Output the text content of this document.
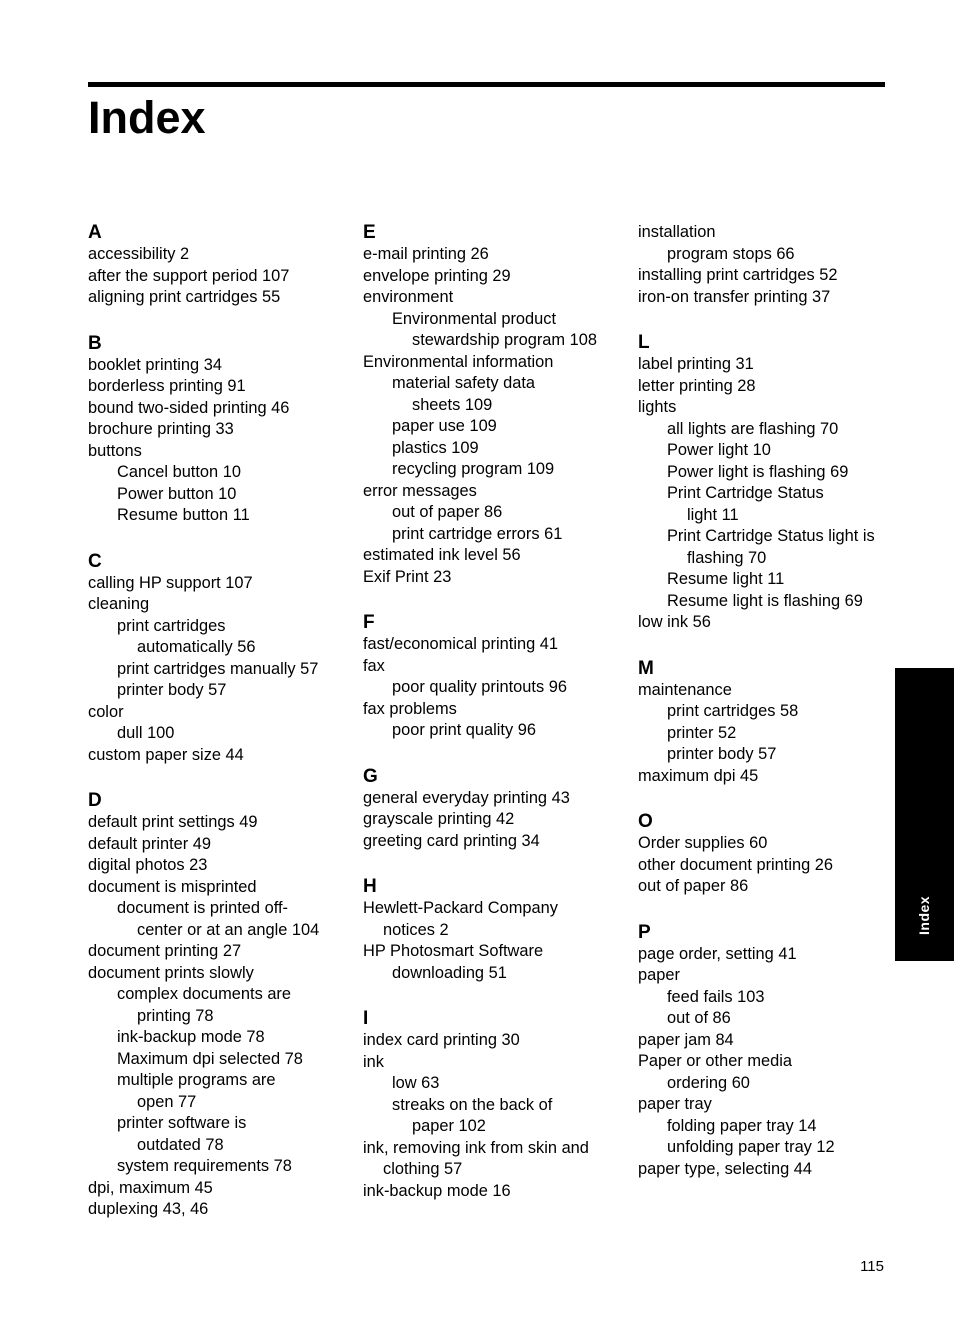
Index
A
accessibility 2
after the support period 107
aligning print cartridges 55
B
booklet printing 34
borderless printing 91
bound two-sided printing 46
brochure printing 33
buttons
Cancel button 10
Power button 10
Resume button 11
C
calling HP support 107
cleaning
print cartridges
automatically 56
print cartridges manually 57
printer body 57
color
dull 100
custom paper size 44
D
default print settings 49
default printer 49
digital photos 23
document is misprinted
document is printed off-
center or at an angle 104
document printing 27
document prints slowly
complex documents are
printing 78
ink-backup mode 78
Maximum dpi selected 78
multiple programs are
open 77
printer software is
outdated 78
system requirements 78
dpi, maximum 45
duplexing 43, 46
E
e-mail printing 26
envelope printing 29
environment
Environmental product
stewardship program 108
Environmental information
material safety data
sheets 109
paper use 109
plastics 109
recycling program 109
error messages
out of paper 86
print cartridge errors 61
estimated ink level 56
Exif Print 23
F
fast/economical printing 41
fax
poor quality printouts 96
fax problems
poor print quality 96
G
general everyday printing 43
grayscale printing 42
greeting card printing 34
H
Hewlett-Packard Company
notices 2
HP Photosmart Software
downloading 51
I
index card printing 30
ink
low 63
streaks on the back of
paper 102
ink, removing ink from skin and
clothing 57
ink-backup mode 16
installation
program stops 66
installing print cartridges 52
iron-on transfer printing 37
L
label printing 31
letter printing 28
lights
all lights are flashing 70
Power light 10
Power light is flashing 69
Print Cartridge Status
light 11
Print Cartridge Status light is
flashing 70
Resume light 11
Resume light is flashing 69
low ink 56
M
maintenance
print cartridges 58
printer 52
printer body 57
maximum dpi 45
O
Order supplies 60
other document printing 26
out of paper 86
P
page order, setting 41
paper
feed fails 103
out of 86
paper jam 84
Paper or other media
ordering 60
paper tray
folding paper tray 14
unfolding paper tray 12
paper type, selecting 44
Index
115
